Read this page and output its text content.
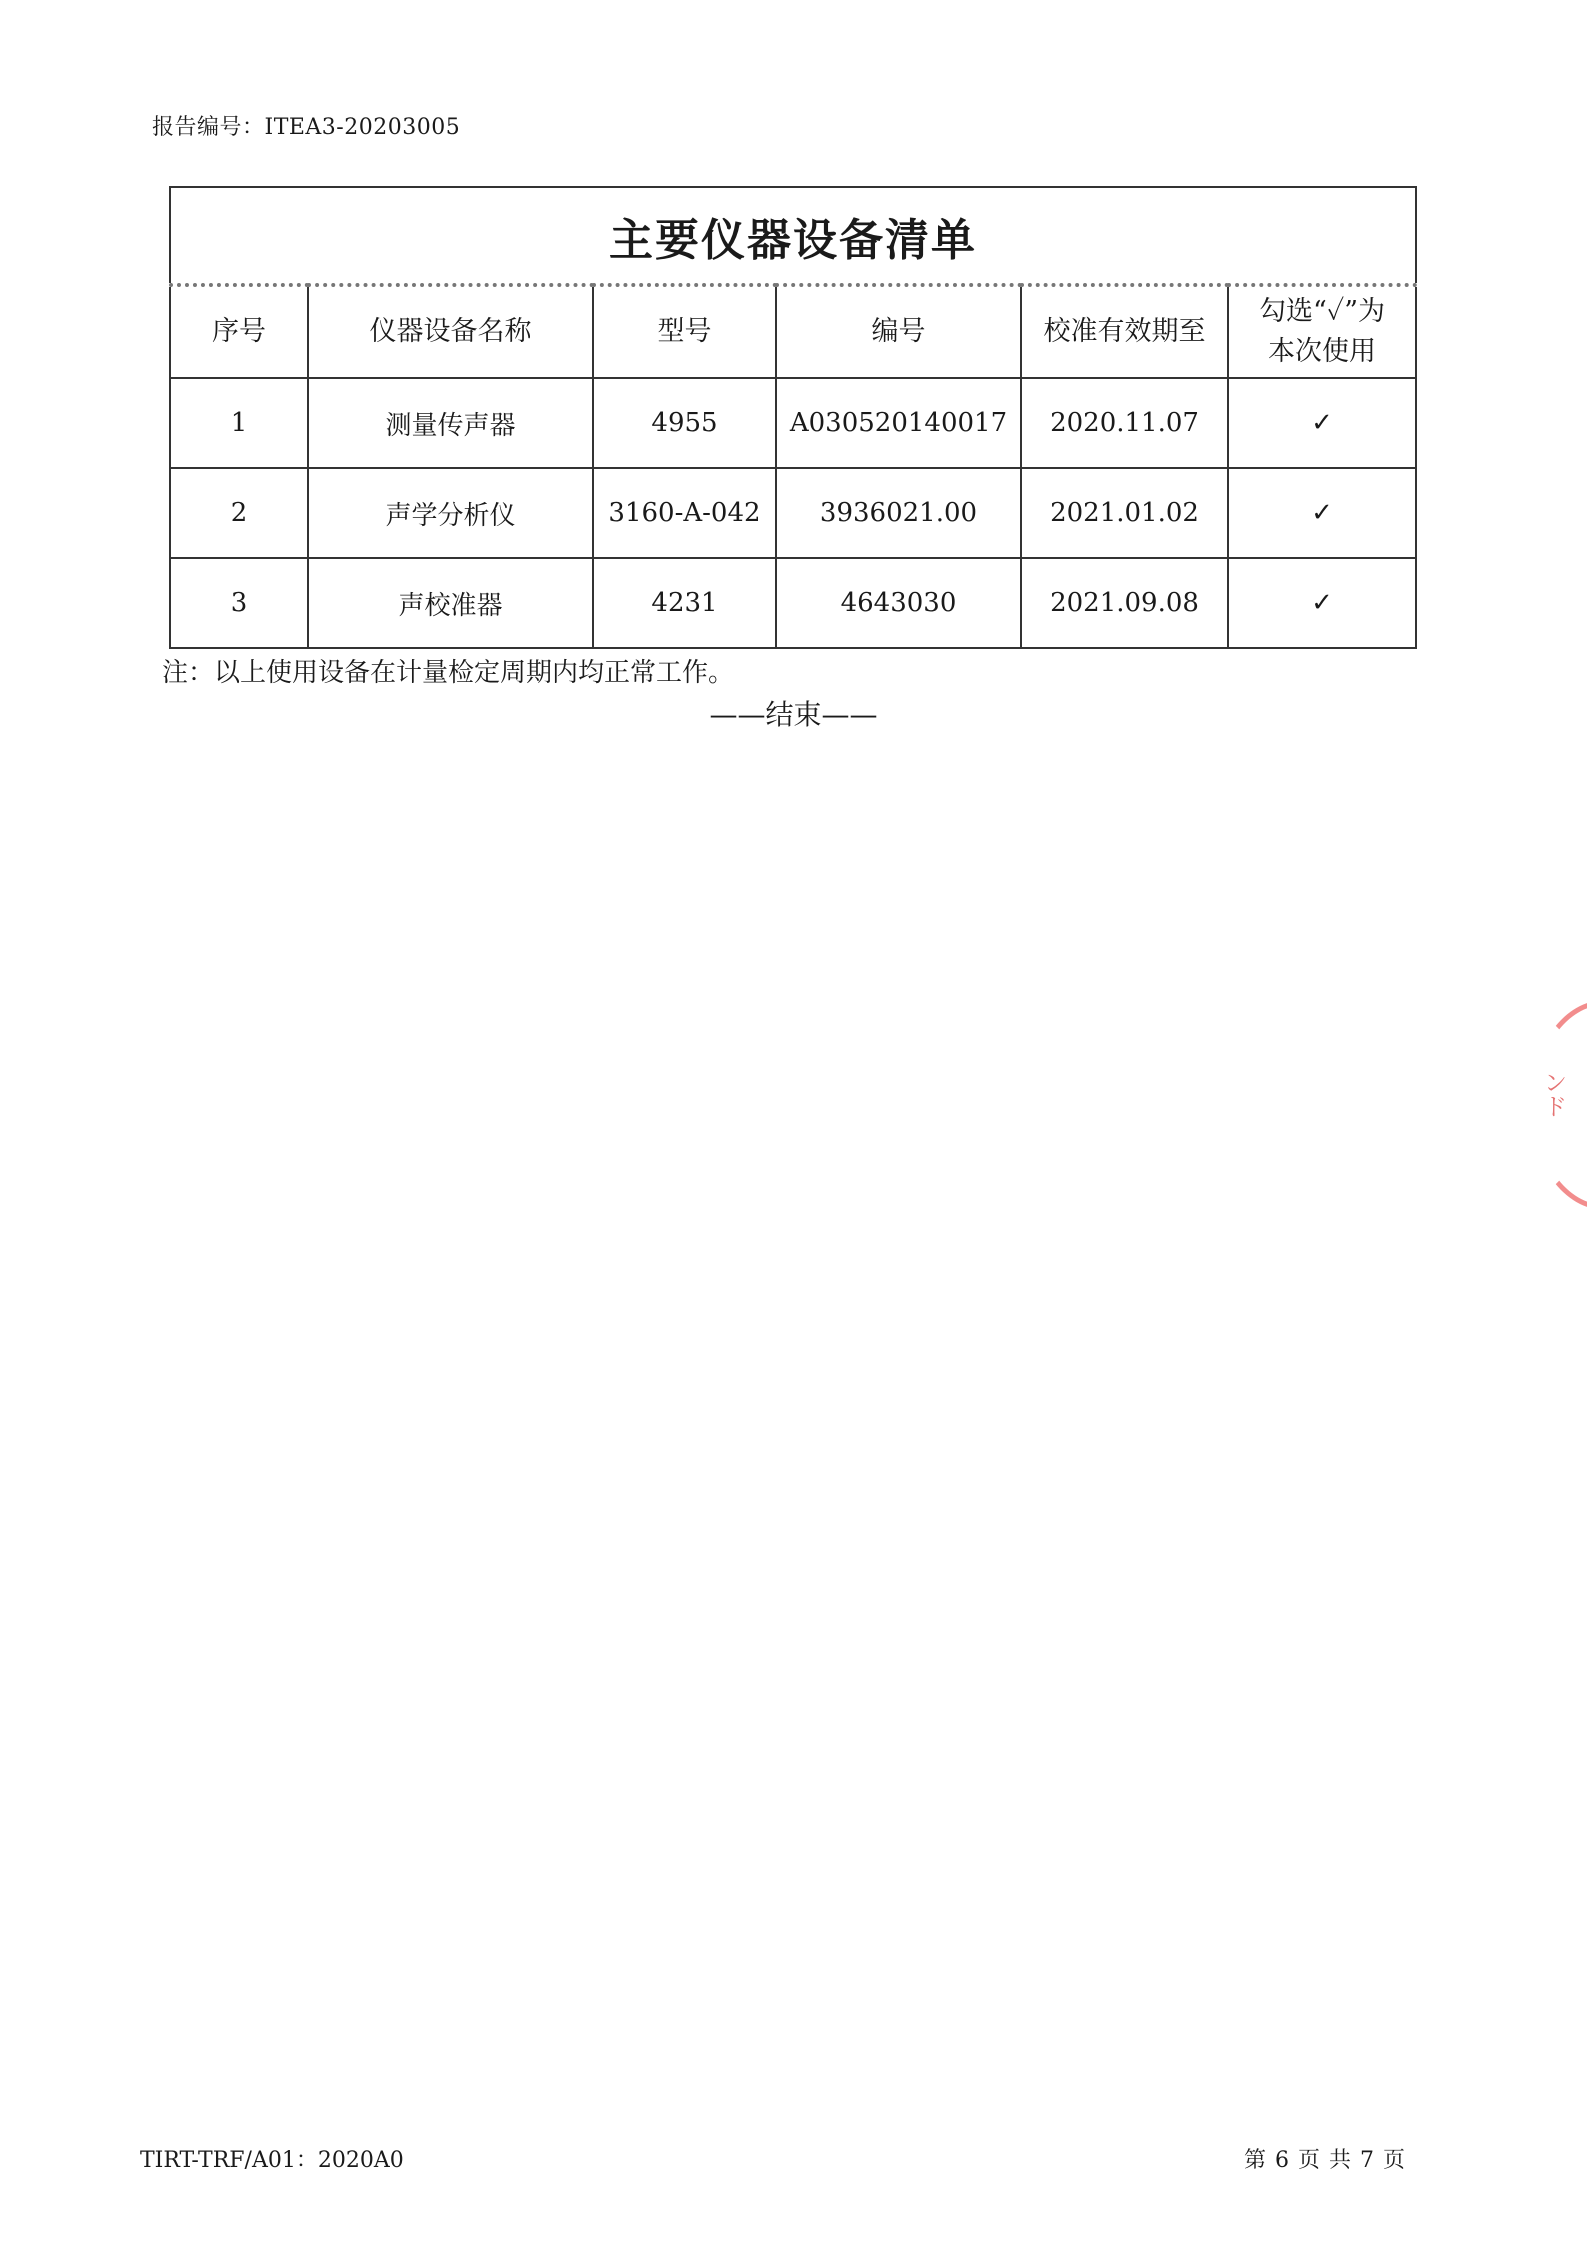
报告编号：ITEA3-20203005
主要仪器设备清单					
序号	仪器设备名称	型号	编号	校准有效期至	勾选“✓”为
本次使用

1	测量传声器	4955	A030520140017	2020.11.07	✓
2	声学分析仪	3160-A-042	3936021.00	2021.01.02	✓
3	声校准器	4231	4643030	2021.09.08	✓
注：以上使用设备在计量检定周期内均正常工作。
——结束——
ンド
TIRT-TRF/A01：2020A0	第 6 页 共 7 页
